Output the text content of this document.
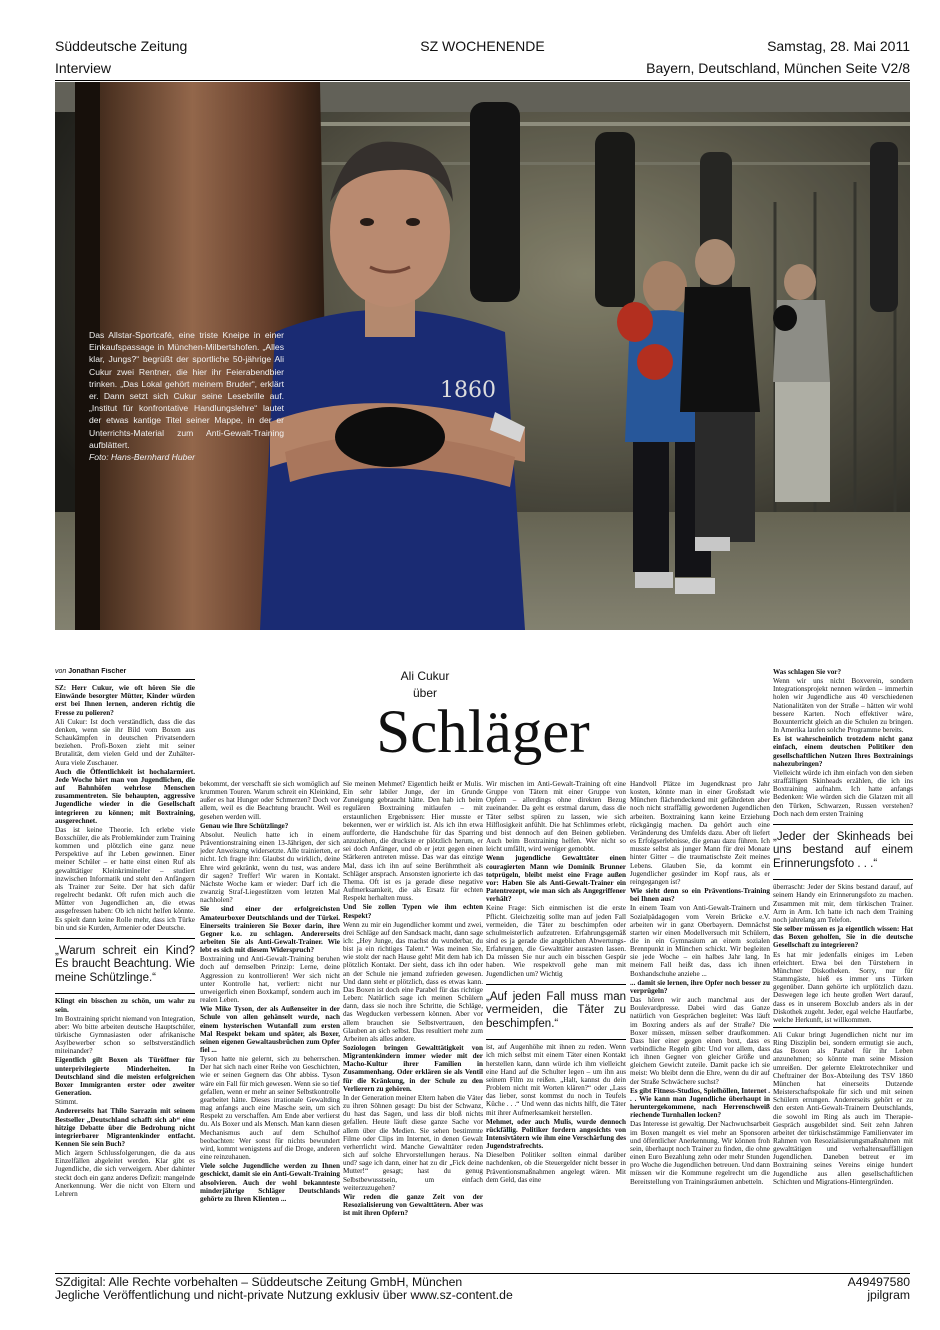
Süddeutsche Zeitung	SZ WOCHENENDE	Samstag, 28. Mai 2011
Interview	Bayern, Deutschland, München Seite V2/8
1860
Das Allstar-Sportcafé, eine triste Kneipe in einer Einkaufspassage in München-Milbertshofen. „Alles klar, Jungs?“ begrüßt der sportliche 50-jährige Ali Cukur zwei Rentner, die hier ihr Feierabendbier trinken. „Das Lokal gehört meinem Bruder“, erklärt er. Dann setzt sich Cukur seine Lesebrille auf. „Institut für konfrontative Handlungslehre“ lautet der etwas kantige Titel seiner Mappe, in der er Unterrichts-Material zum Anti-Gewalt-Training aufblättert.
Foto: Hans-Bernhard Huber
Ali Cukur
über
Schläger
von Jonathan Fischer

SZ: Herr Cukur, wie oft hören Sie die Einwände besorgter Mütter, Kinder würden erst bei Ihnen lernen, anderen richtig die Fresse zu polieren?

Ali Cukur: Ist doch verständlich, dass die das denken, wenn sie ihr Bild vom Boxen aus Schaukämpfen in deutschen Privatsendern beziehen. Profi-Boxen zieht mit seiner Brutalität, dem vielen Geld und der Zuhälter-Aura viele Zuschauer.

Auch die Öffentlichkeit ist hochalarmiert. Jede Woche hört man von Jugendlichen, die auf Bahnhöfen wehrlose Menschen zusammentreten. Sie behaupten, aggressive Jugendliche wieder in die Gesellschaft integrieren zu können; mit Boxtraining, ausgerechnet.

Das ist keine Theorie. Ich erlebe viele Boxschüler, die als Problemkinder zum Training kommen und plötzlich eine ganz neue Perspektive auf ihr Leben gewinnen. Einer meiner Schüler – er hatte einst einen Ruf als gewalttätiger Kleinkrimineller – studiert inzwischen Informatik und steht den Anfängern als Trainer zur Seite. Der hat sich dafür regelrecht bedankt. Oft rufen mich auch die Mütter von Jugendlichen an, die etwas ausgefressen haben: Ob ich nicht helfen könnte. Es spielt dann keine Rolle mehr, dass ich Türke bin und sie Kurden, Armenier oder Deutsche.

„Warum schreit ein Kind? Es braucht Beachtung. Wie meine Schützlinge.“

Klingt ein bisschen zu schön, um wahr zu sein.

Im Boxtraining spricht niemand von Integration, aber: Wo bitte arbeiten deutsche Hauptschüler, türkische Gymnasiasten oder afrikanische Asylbewerber schon so selbstverständlich miteinander?

Eigentlich gilt Boxen als Türöffner für unterprivilegierte Minderheiten. In Deutschland sind die meisten erfolgreichen Boxer Immigranten erster oder zweiter Generation.

Stimmt.

Andererseits hat Thilo Sarrazin mit seinem Bestseller „Deutschland schafft sich ab“ eine hitzige Debatte über die Bedrohung nicht integrierbarer Migrantenkinder entfacht. Kennen Sie sein Buch?

Mich ärgern Schlussfolgerungen, die da aus Einzelfällen abgeleitet werden. Klar gibt es Jugendliche, die sich verweigern. Aber dahinter steckt doch ein ganz anderes Defizit: mangelnde Anerkennung. Wer die nicht von Eltern und Lehrern

bekommt, der verschafft sie sich womöglich auf krummen Touren. Warum schreit ein Kleinkind, außer es hat Hunger oder Schmerzen? Doch vor allem, weil es die Beachtung braucht. Weil es gesehen werden will.

Genau wie Ihre Schützlinge?

Absolut. Neulich hatte ich in einem Präventionstraining einen 13-Jährigen, der sich jeder Anweisung widersetzte. Alle trainierten, er nicht. Ich fragte ihn: Glaubst du wirklich, deine Ehre wird gekränkt, wenn du tust, was andere dir sagen? Treffer! Wir waren in Kontakt. Nächste Woche kam er wieder: Darf ich die zwanzig Straf-Liegestützen vom letzten Mal nachholen?

Sie sind einer der erfolgreichsten Amateurboxer Deutschlands und der Türkei. Einerseits trainieren Sie Boxer darin, ihre Gegner k.o. zu schlagen. Andererseits arbeiten Sie als Anti-Gewalt-Trainer. Wie lebt es sich mit diesem Widerspruch?

Boxtraining und Anti-Gewalt-Training beruhen doch auf demselben Prinzip: Lerne, deine Aggression zu kontrollieren! Wer sich nicht unter Kontrolle hat, verliert: nicht nur unweigerlich einen Boxkampf, sondern auch im realen Leben.

Wie Mike Tyson, der als Außenseiter in der Schule von allen gehänselt wurde, nach einem hysterischen Wutanfall zum ersten Mal Respekt bekam und später, als Boxer, seinen eigenen Gewaltausbrüchen zum Opfer fiel ...

Tyson hatte nie gelernt, sich zu beherrschen. Der hat sich nach einer Reihe von Geschichten, wie er seinen Gegnern das Ohr abbiss. Tyson wäre ein Fall für mich gewesen. Wenn sie so tief gefallen, wenn er mehr an seiner Selbstkontrolle gearbeitet hätte. Dieses irrationale Gewaltding mag anfangs auch eine Masche sein, um sich Respekt zu verschaffen. Am Ende aber verlierst du. Als Boxer und als Mensch. Man kann diesen Mechanismus auch auf dem Schulhof beobachten: Wer sonst für nichts bewundert wird, kommt wenigstens auf die Droge, anderen eine reinzuhauen.

Viele solche Jugendliche werden zu Ihnen geschickt, damit sie ein Anti-Gewalt-Training absolvieren. Auch der wohl bekannteste minderjährige Schläger Deutschlands gehörte zu Ihren Klienten ...

Sie meinen Mehmet? Eigentlich heißt er Mulis. Ein sehr labiler Junge, der im Grunde Zuneigung gebraucht hätte. Den hab ich beim regulären Boxtraining mitlaufen – mit erstaunlichen Ergebnissen: Hier musste er bekennen, wer er wirklich ist. Als ich ihn etwa aufforderte, die Handschuhe für das Sparring anzuziehen, die druckste er plötzlich herum, er sei doch Anfänger, und ob er jetzt gegen einen Stärkeren antreten müsse. Das war das einzige Mal, dass ich ihn auf seine Berühmtheit als Schläger ansprach. Ansonsten ignorierte ich das Thema. Oft ist es ja gerade diese negative Aufmerksamkeit, die als Ersatz für echten Respekt herhalten muss.

Und Sie zollen Typen wie ihm echten Respekt?

Wenn zu mir ein Jugendlicher kommt und zwei, drei Schläge auf den Sandsack macht, dann sage ich: „Hey Junge, das machst du wunderbar, du bist ja ein richtiges Talent.“ Was meinen Sie, wie stolz der nach Hause geht! Mit dem hab ich plötzlich Kontakt. Der sieht, dass ich ihn oder an der Schule nie jemand zufrieden gewesen. Und dann steht er plötzlich, dass es etwas kann. Das Boxen ist doch eine Parabel für das richtige Leben: Natürlich sage ich meinen Schülern dann, dass sie noch ihre Schritte, die Schläge, das Wegducken verbessern können. Aber vor allem brauchen sie Selbstvertrauen, den Glauben an sich selbst. Das resultiert mehr zum Arbeiten als alles andere.

Soziologen bringen Gewalttätigkeit von Migrantenkindern immer wieder mit der Macho-Kultur ihrer Familien in Zusammenhang. Oder erklären sie als Ventil für die Kränkung, in der Schule zu den Verlierern zu gehören.

In der Generation meiner Eltern haben die Väter zu ihren Söhnen gesagt: Du bist der Schwanz, du hast das Sagen, und lass dir bloß nichts gefallen. Heute läuft diese ganze Sache vor allem über die Medien. Sie sehen bestimmte Filme oder Clips im Internet, in denen Gewalt verherrlicht wird. Manche Gewalttäter reden sich auf solche Ehrvorstellungen heraus. Na und? sage ich dann, einer hat zu dir „Fick deine Mutter!“ gesagt; hast du genug Selbstbewusstsein, um einfach weiterzuzugehen?

Wir reden die ganze Zeit von der Resozialisierung von Gewalttätern. Aber was ist mit ihren Opfern?

Wir mischen im Anti-Gewalt-Training oft eine Gruppe von Tätern mit einer Gruppe von Opfern – allerdings ohne direkten Bezug zueinander. Da geht es erstmal darum, dass die Täter selbst spüren zu lassen, wie sich Hilflosigkeit anfühlt. Die hat Schlimmes erlebt, und bist dennoch auf den Beinen geblieben. Auch beim Boxtraining helfen. Wer nicht so leicht umfällt, wird weniger gemobbt.

Wenn jugendliche Gewalttäter einen couragierten Mann wie Dominik Brunner totprügeln, bleibt meist eine Frage außen vor: Haben Sie als Anti-Gewalt-Trainer ein Patentrezept, wie man sich als Angegriffener verhält?

Keine Frage: Sich einmischen ist die erste Pflicht. Gleichzeitig sollte man auf jeden Fall vermeiden, die Täter zu beschimpfen oder schulmeisterlich aufzutreten. Erfahrungsgemäß sind es ja gerade die angeblichen Abwertungs-Erfahrungen, die Gewalttäter ausrasten lassen. Da müssen Sie nur auch ein bisschen Gespür haben. Wie respektvoll gehe man mit Jugendlichen um? Wichtig

„Auf jeden Fall muss man vermeiden, die Täter zu beschimpfen.“

ist, auf Augenhöhe mit ihnen zu reden. Wenn ich mich selbst mit einem Täter einen Kontakt herstellen kann, dann würde ich ihm vielleicht eine Hand auf die Schulter legen – um ihn aus seinem Film zu reißen. „Halt, kannst du dein Problem nicht mit Worten klären?“ oder „Lass das lieber, sonst kommst du noch in Teufels Küche . . .“ Und wenn das nichts hilft, die Täter mit ihrer Aufmerksamkeit herstellen.

Mehmet, oder auch Mulis, wurde dennoch rückfällig. Politiker fordern angesichts von Intensivtätern wie ihm eine Verschärfung des Jugendstrafrechts.

Dieselben Politiker sollten einmal darüber nachdenken, ob die Steuergelder nicht besser in Präventionsmaßnahmen angelegt wären. Mit dem Geld, das eine

Handvoll Plätze im Jugendknast pro Jahr kosten, könnte man in einer Großstadt wie München flächendeckend mit gefährdeten aber noch nicht straffällig gewordenen Jugendlichen arbeiten. Boxtraining kann keine Erziehung rückgängig machen. Da gehört auch eine Veränderung des Umfelds dazu. Aber oft liefert es Erfolgserlebnisse, die genau dazu führen. Ich musste selbst als junger Mann für drei Monate hinter Gitter – die traumatischste Zeit meines Lebens. Glauben Sie, da kommt ein Jugendlicher gesünder im Kopf raus, als er reingegangen ist?

Wie sieht denn so ein Präventions-Training bei Ihnen aus?

In einem Team von Anti-Gewalt-Trainern und Sozialpädagogen vom Verein Brücke e.V. arbeiten wir in ganz Oberbayern. Demnächst starten wir einen Modellversuch mit Schülern, die in ein Gymnasium an einem sozialen Brennpunkt in München schickt. Wir begleiten sie jede Woche – ein halbes Jahr lang. In meinem Fall heißt das, dass ich ihnen Boxhandschuhe anziehe ...

... damit sie lernen, ihre Opfer noch besser zu verprügeln?

Das hören wir auch manchmal aus der Boulevardpresse. Dabei wird das Ganze natürlich von Gesprächen begleitet: Was läuft im Boxring anders als auf der Straße? Die Boxer müssen, müssen selber draufkommen. Dass hier einer gegen einen boxt, dass es verbindliche Regeln gibt: Und vor allem, dass ich ihnen Gegner von gleicher Größe und gleichem Gewicht zuteile. Damit packe ich sie meist: Wo bleibt denn die Ehre, wenn du dir auf der Straße Schwächere suchst?

Es gibt Fitness-Studios, Spielhöllen, Internet . . . Wie kann man Jugendliche überhaupt in heruntergekommene, nach Herrenschweiß riechende Turnhallen locken?

Das Interesse ist gewaltig. Der Nachwuchsarbeit im Boxen mangelt es viel mehr an Sponsoren und öffentlicher Anerkennung. Wir können froh sein, überhaupt noch Trainer zu finden, die ohne einen Euro Bezahlung zehn oder mehr Stunden pro Woche die Jugendlichen betreuen. Und dann müssen wir die Kommune regelrecht um die Bereitstellung von Trainingsräumen anbetteln.

Was schlagen Sie vor?

Wenn wir uns nicht Boxverein, sondern Integrationsprojekt nennen würden – immerhin holen wir Jugendliche aus 40 verschiedenen Nationalitäten von der Straße – hätten wir wohl bessere Karten. Noch effektiver wäre, Boxunterricht gleich an die Schulen zu bringen. In Amerika laufen solche Programme bereits.

Es ist wahrscheinlich trotzdem nicht ganz einfach, einem deutschen Politiker den gesellschaftlichen Nutzen Ihres Boxtrainings nahezubringen?

Vielleicht würde ich ihm einfach von den sieben straffälligen Skinheads erzählen, die ich ins Boxtraining aufnahm. Ich hatte anfangs Bedenken: Wie würden sich die Glatzen mit all den Türken, Schwarzen, Russen verstehen? Doch nach dem ersten Training

„Jeder der Skinheads bei uns bestand auf einem Erinnerungsfoto . . .“

überrascht: Jeder der Skins bestand darauf, auf seinem Handy ein Erinnerungsfoto zu machen. Zusammen mit mir, dem türkischen Trainer. Arm in Arm. Ich hatte ich nach dem Training noch jahrelang am Telefon.

Sie selber müssen es ja eigentlich wissen: Hat das Boxen geholfen, Sie in die deutsche Gesellschaft zu integrieren?

Es hat mir jedenfalls einiges im Leben erleichtert. Etwa bei den Türstehern in Münchner Diskotheken. Sorry, nur für Stammgäste, hieß es immer uns Türken gegenüber. Dann gehörte ich urplötzlich dazu. Deswegen lege ich heute großen Wert darauf, dass es in unserem Boxclub anders als in der Diskothek zugeht. Jeder, egal welche Hautfarbe, welche Herkunft, ist willkommen.

Ali Cukur bringt Jugendlichen nicht nur im Ring Disziplin bei, sondern ermutigt sie auch, das Boxen als Parabel für ihr Leben anzunehmen; so könnte man seine Mission umreißen. Der gelernte Elektrotechniker und Cheftrainer der Box-Abteilung des TSV 1860 München hat einerseits Dutzende Meisterschaftspokale für sich und mit seinen Schülern errungen. Andererseits gehört er zu den ersten Anti-Gewalt-Trainern Deutschlands, die sowohl im Ring als auch im Therapie-Gespräch ausgebildet sind. Seit zehn Jahren arbeitet der türkischstämmige Familienvater im Rahmen von Resozialisierungsmaßnahmen mit gewalttätigen und verhaltensauffälligen Jugendlichen. Daneben betreut er im Boxtraining seines Vereins einige hundert Jugendliche aus allen gesellschaftlichen Schichten und Migrations-Hintergründen.

SZdigital: Alle Rechte vorbehalten – Süddeutsche Zeitung GmbH, München
Jegliche Veröffentlichung und nicht-private Nutzung exklusiv über www.sz-content.de
A49497580
jpilgram
